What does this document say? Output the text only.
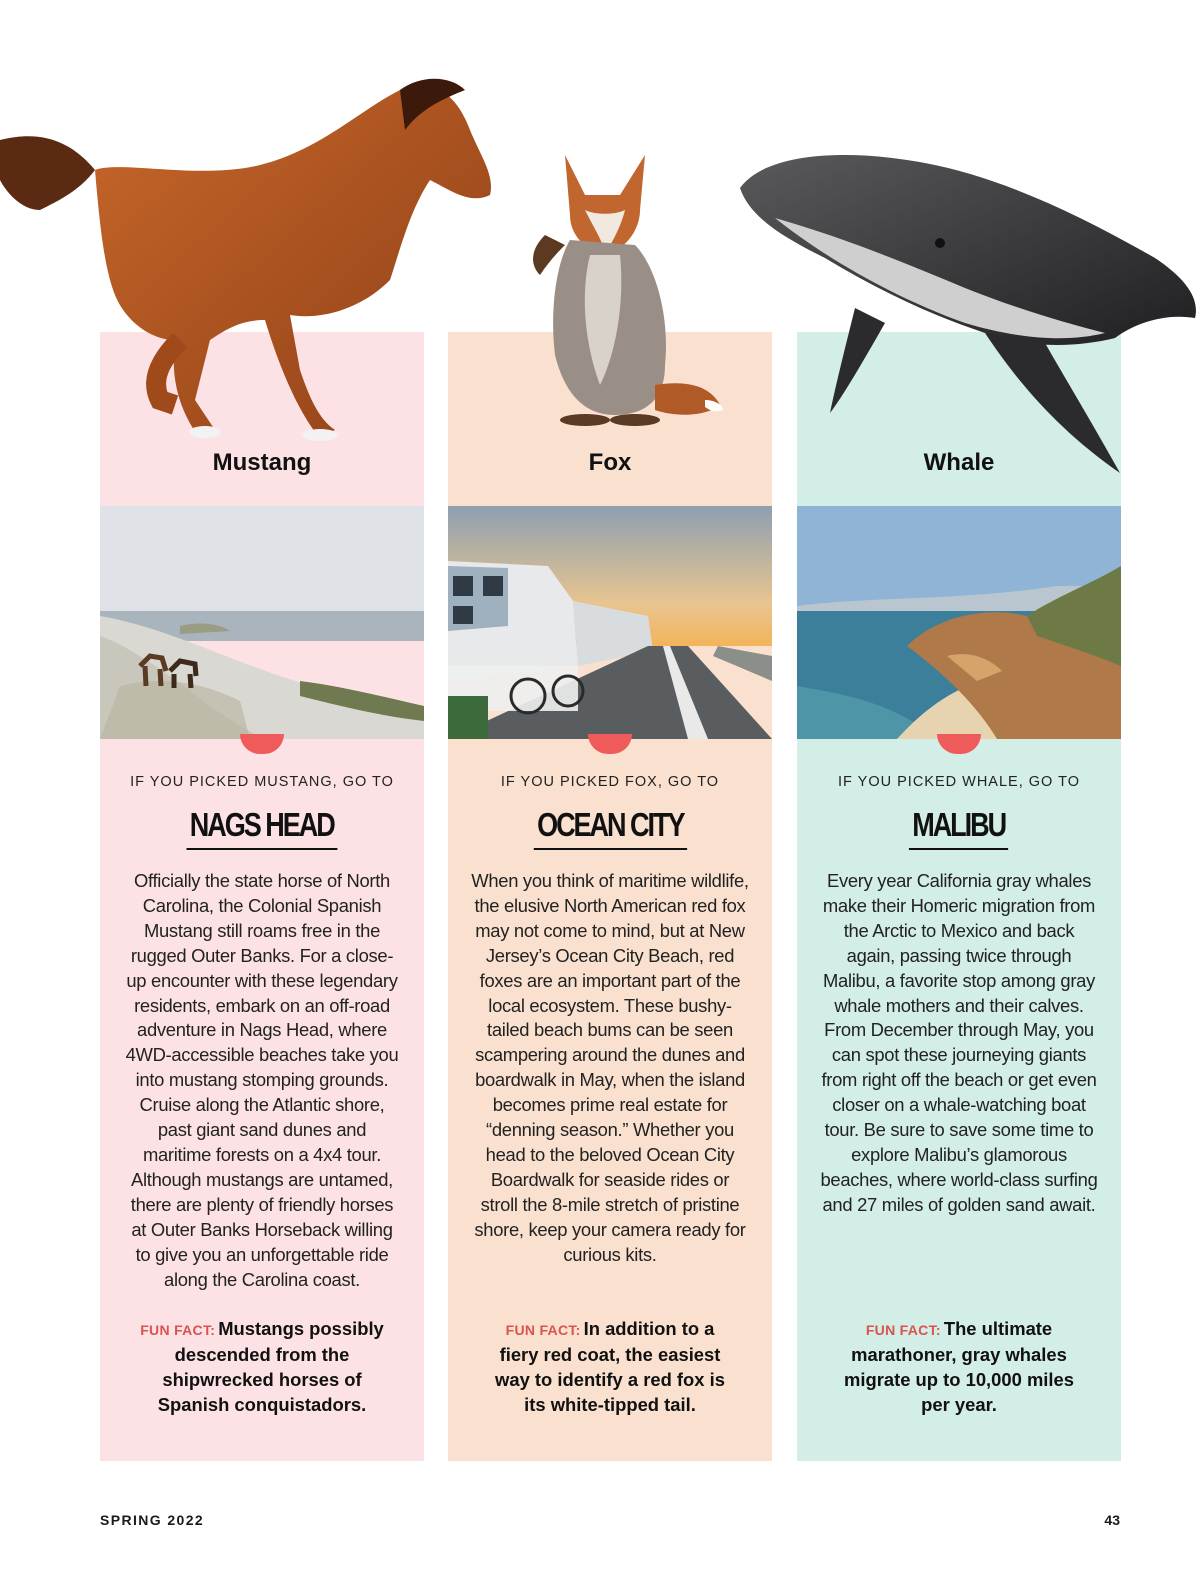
Mustang	Fox	Whale
IF YOU PICKED MUSTANG, GO TO	IF YOU PICKED FOX, GO TO	IF YOU PICKED WHALE, GO TO
NAGS HEAD	OCEAN CITY	MALIBU
Officially the state horse of North Carolina, the Colonial Spanish Mustang still roams free in the rugged Outer Banks. For a close-up encounter with these legendary residents, embark on an off-road adventure in Nags Head, where 4WD-accessible beaches take you into mustang stomping grounds. Cruise along the Atlantic shore, past giant sand dunes and maritime forests on a 4x4 tour. Although mustangs are untamed, there are plenty of friendly horses at Outer Banks Horseback willing to give you an unforgettable ride along the Carolina coast.
When you think of maritime wildlife, the elusive North American red fox may not come to mind, but at New Jersey’s Ocean City Beach, red foxes are an important part of the local ecosystem. These bushy-tailed beach bums can be seen scampering around the dunes and boardwalk in May, when the island becomes prime real estate for “denning season.” Whether you head to the beloved Ocean City Boardwalk for seaside rides or stroll the 8-mile stretch of pristine shore, keep your camera ready for curious kits.
Every year California gray whales make their Homeric migration from the Arctic to Mexico and back again, passing twice through Malibu, a favorite stop among gray whale mothers and their calves. From December through May, you can spot these journeying giants from right off the beach or get even closer on a whale-watching boat tour. Be sure to save some time to explore Malibu’s glamorous beaches, where world-class surfing and 27 miles of golden sand await.
FUN FACT: Mustangs possibly descended from the shipwrecked horses of Spanish conquistadors.
FUN FACT: In addition to a fiery red coat, the easiest way to identify a red fox is its white-tipped tail.
FUN FACT: The ultimate marathoner, gray whales migrate up to 10,000 miles per year.
SPRING 2022	43
